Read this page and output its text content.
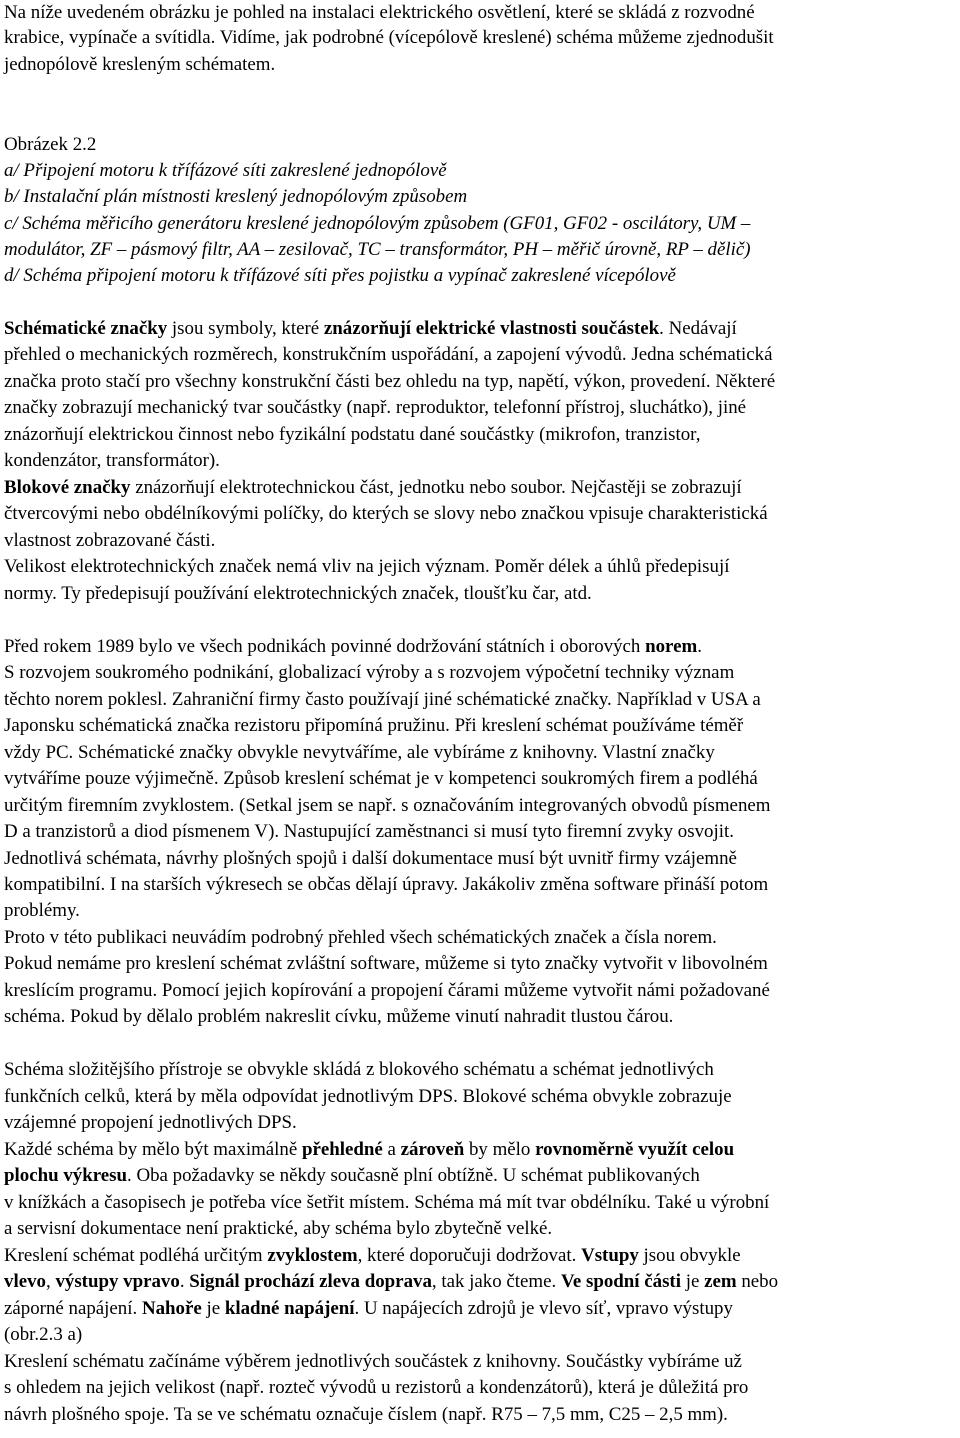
Na níže uvedeném obrázku je pohled na instalaci elektrického osvětlení, které se skládá z rozvodné
krabice, vypínače a svítidla. Vidíme, jak podrobné (vícepólově kreslené) schéma můžeme zjednodušit
jednopólově kresleným schématem.
Obrázek 2.2
a/ Připojení motoru k třífázové síti zakreslené jednopólově
b/ Instalační plán místnosti kreslený jednopólovým způsobem
c/ Schéma měřicího generátoru kreslené jednopólovým způsobem (GF01, GF02 - oscilátory, UM –
modulátor, ZF – pásmový filtr, AA – zesilovač, TC – transformátor, PH – měřič úrovně, RP – dělič)
d/ Schéma připojení motoru k třífázové síti přes pojistku a vypínač zakreslené vícepólově
Schématické značky jsou symboly, které znázorňují elektrické vlastnosti součástek. Nedávají
přehled o mechanických rozměrech, konstrukčním uspořádání, a zapojení vývodů. Jedna schématická
značka proto stačí pro všechny konstrukční části bez ohledu na typ, napětí, výkon, provedení. Některé
značky zobrazují mechanický tvar součástky (např. reproduktor, telefonní přístroj, sluchátko), jiné
znázorňují elektrickou činnost nebo fyzikální podstatu dané součástky (mikrofon, tranzistor,
kondenzátor, transformátor).
Blokové značky znázorňují elektrotechnickou část, jednotku nebo soubor. Nejčastěji se zobrazují
čtvercovými nebo obdélníkovými políčky, do kterých se slovy nebo značkou vpisuje charakteristická
vlastnost zobrazované části.
Velikost elektrotechnických značek nemá vliv na jejich význam. Poměr délek a úhlů předepisují
normy. Ty předepisují používání elektrotechnických značek, tloušťku čar, atd.
Před rokem 1989 bylo ve všech podnikách povinné dodržování státních i oborových norem.
S rozvojem soukromého podnikání, globalizací výroby a s rozvojem výpočetní techniky význam
těchto norem poklesl. Zahraniční firmy často používají jiné schématické značky. Například v USA a
Japonsku schématická značka rezistoru připomíná pružinu. Při kreslení schémat používáme téměř
vždy PC. Schématické značky obvykle nevytváříme, ale vybíráme z knihovny. Vlastní značky
vytváříme pouze výjimečně. Způsob kreslení schémat je v kompetenci soukromých firem a podléhá
určitým firemním zvyklostem. (Setkal jsem se např. s označováním integrovaných obvodů písmenem
D a tranzistorů a diod písmenem V). Nastupující zaměstnanci si musí tyto firemní zvyky osvojit.
Jednotlivá schémata, návrhy plošných spojů i další dokumentace musí být uvnitř firmy vzájemně
kompatibilní. I na starších výkresech se občas dělají úpravy. Jakákoliv změna software přináší potom
problémy.
Proto v této publikaci neuvádím podrobný přehled všech schématických značek a čísla norem.
Pokud nemáme pro kreslení schémat zvláštní software, můžeme si tyto značky vytvořit v libovolném
kreslícím programu. Pomocí jejich kopírování a propojení čárami můžeme vytvořit námi požadované
schéma. Pokud by dělalo problém nakreslit cívku, můžeme vinutí nahradit tlustou čárou.
Schéma složitějšího přístroje se obvykle skládá z blokového schématu a schémat jednotlivých
funkčních celků, která by měla odpovídat jednotlivým DPS. Blokové schéma obvykle zobrazuje
vzájemné propojení jednotlivých DPS.
Každé schéma by mělo být maximálně přehledné a zároveň by mělo rovnoměrně využít celou
plochu výkresu. Oba požadavky se někdy současně plní obtížně. U schémat publikovaných
v knížkách a časopisech je potřeba více šetřit místem. Schéma má mít tvar obdélníku. Také u výrobní
a servisní dokumentace není praktické, aby schéma bylo zbytečně velké.
Kreslení schémat podléhá určitým zvyklostem, které doporučuji dodržovat. Vstupy jsou obvykle
vlevo, výstupy vpravo. Signál prochází zleva doprava, tak jako čteme. Ve spodní části je zem nebo
záporné napájení. Nahoře je kladné napájení. U napájecích zdrojů je vlevo síť, vpravo výstupy
(obr.2.3 a)
Kreslení schématu začínáme výběrem jednotlivých součástek z knihovny. Součástky vybíráme už
s ohledem na jejich velikost (např. rozteč vývodů u rezistorů a kondenzátorů), která je důležitá pro
návrh plošného spoje. Ta se ve schématu označuje číslem (např. R75 – 7,5 mm, C25 – 2,5 mm).
